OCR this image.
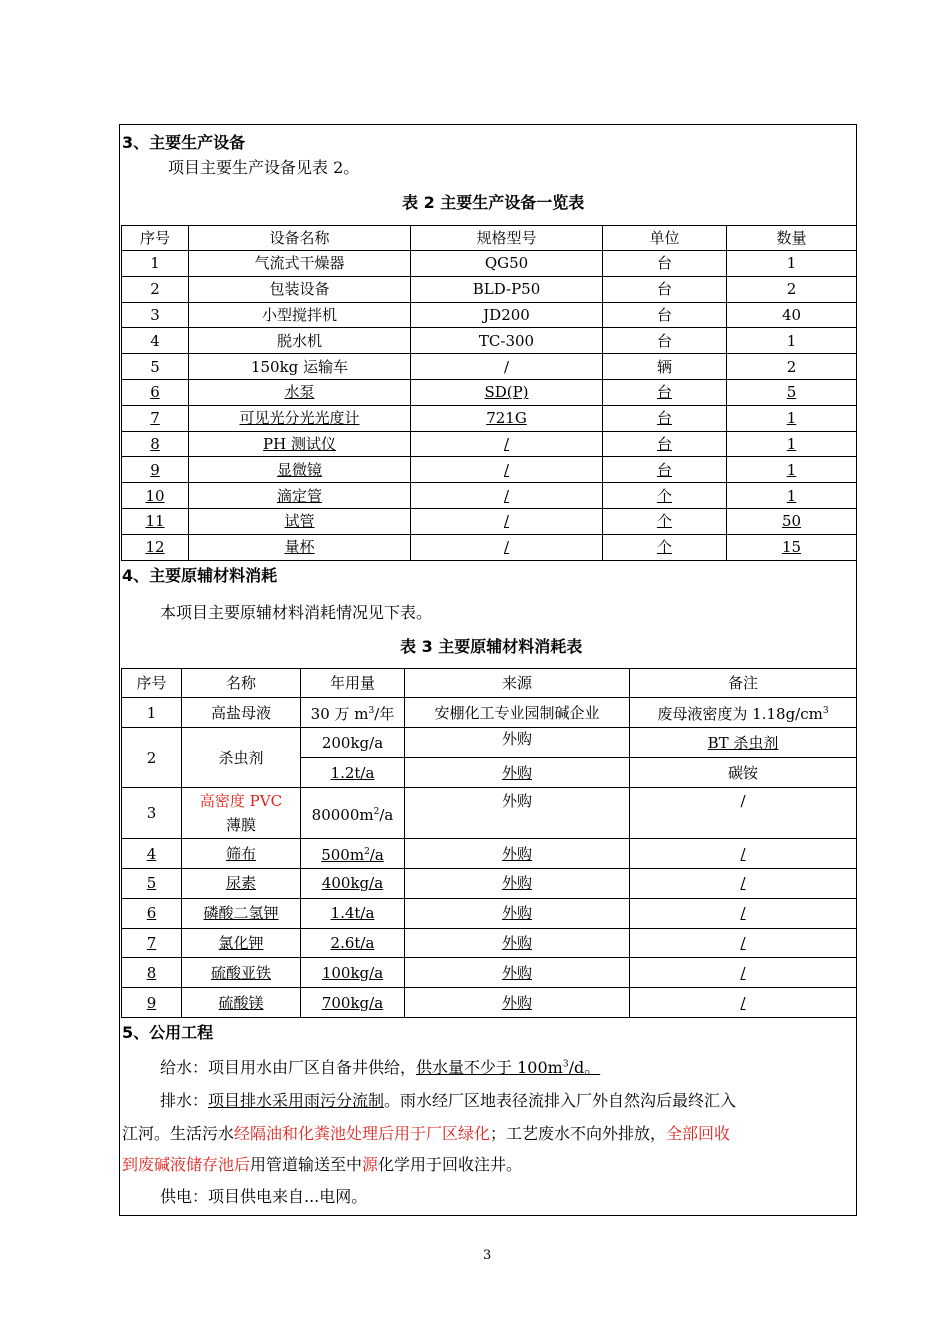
3、主要生产设备
项目主要生产设备见表 2。
表 2 主要生产设备一览表
序号	设备名称	规格型号	单位	数量
1	气流式干燥器	QG50	台	1
2	包装设备	BLD-P50	台	2
3	小型搅拌机	JD200	台	40
4	脱水机	TC-300	台	1
5	150kg 运输车	/	辆	2
6	水泵	SD(P)	台	5
7	可见光分光光度计	721G	台	1
8	PH 测试仪	/	台	1
9	显微镜	/	台	1
10	滴定管	/	个	1
11	试管	/	个	50
12	量杯	/	个	15
4、主要原辅材料消耗
本项目主要原辅材料消耗情况见下表。
表 3 主要原辅材料消耗表
序号	名称	年用量	来源	备注
1	高盐母液	30 万 $m^3/$年	安棚化工专业园制碱企业	废母液密度为 $1.18g/cm^3$
2	杀虫剂	200kg/a	外购	BT 杀虫剂
		1.2t/a	外购	碳铵
3	高密度 PVC
薄膜	$80000m^2/a$	外购	/
4	筛布	$500m^2/a$	外购	/
5	尿素	400kg/a	外购	/
6	磷酸二氢钾	1.4t/a	外购	/
7	氯化钾	2.6t/a	外购	/
8	硫酸亚铁	100kg/a	外购	/
9	硫酸镁	700kg/a	外购	/
5、公用工程
给水：项目用水由厂区自备井供给，供水量不少于 $100m^3/d$。
排水：项目排水采用雨污分流制。雨水经厂区地表径流排入厂外自然沟后最终汇入
江河。生活污水经隔油和化粪池处理后用于厂区绿化；工艺废水不向外排放，全部回收
到废碱液储存池后用管道输送至中源化学用于回收注井。
供电：项目供电来自...电网。
3
